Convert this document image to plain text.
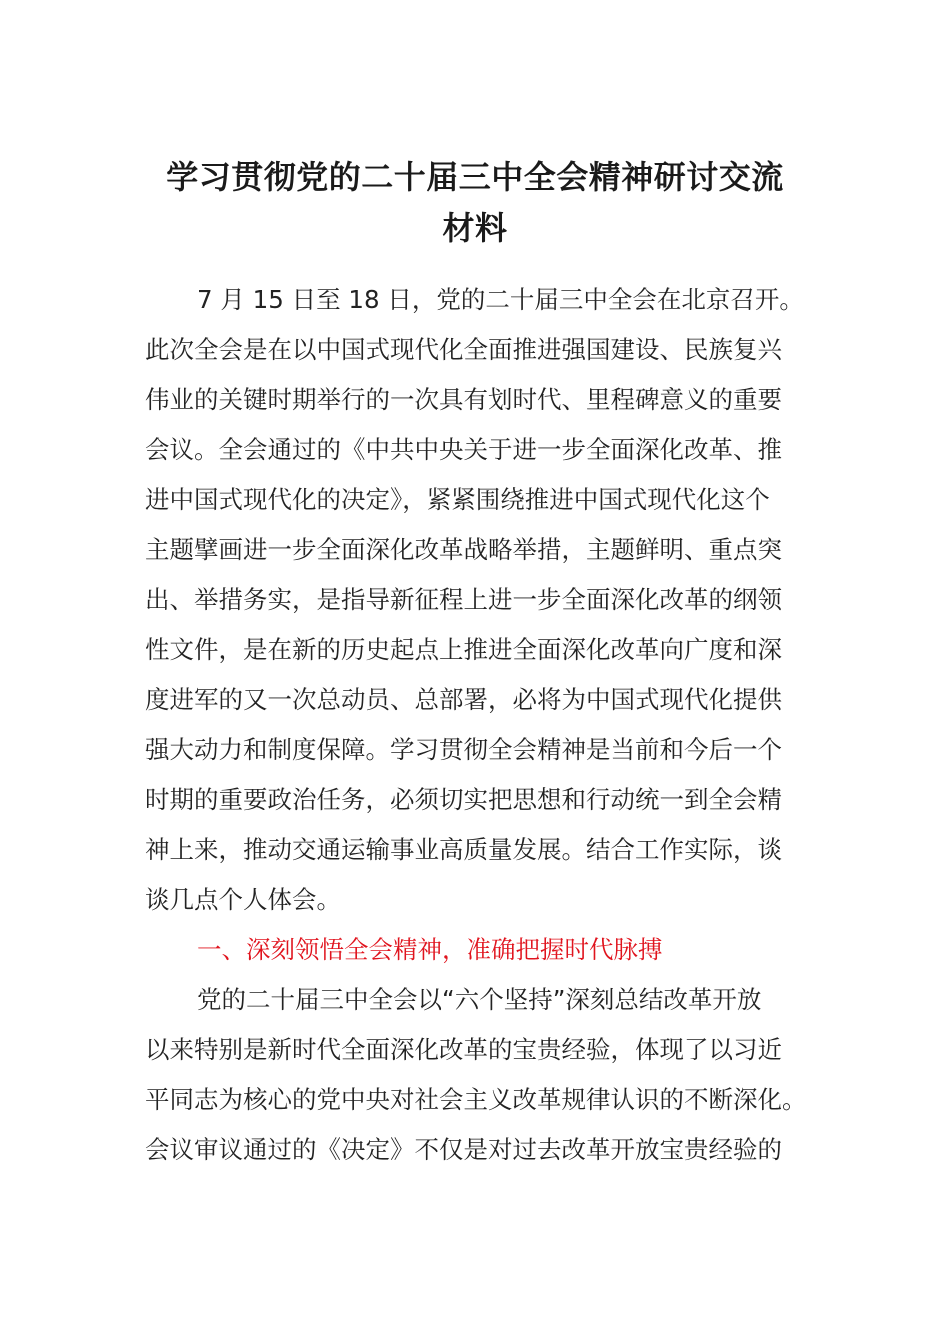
学习贯彻党的二十届三中全会精神研讨交流
材料
7 月 15 日至 18 日，党的二十届三中全会在北京召开。
此次全会是在以中国式现代化全面推进强国建设、民族复兴
伟业的关键时期举行的一次具有划时代、里程碑意义的重要
会议。全会通过的《中共中央关于进一步全面深化改革、推
进中国式现代化的决定》，紧紧围绕推进中国式现代化这个
主题擘画进一步全面深化改革战略举措，主题鲜明、重点突
出、举措务实，是指导新征程上进一步全面深化改革的纲领
性文件，是在新的历史起点上推进全面深化改革向广度和深
度进军的又一次总动员、总部署，必将为中国式现代化提供
强大动力和制度保障。学习贯彻全会精神是当前和今后一个
时期的重要政治任务，必须切实把思想和行动统一到全会精
神上来，推动交通运输事业高质量发展。结合工作实际，谈
谈几点个人体会。
一、深刻领悟全会精神，准确把握时代脉搏
党的二十届三中全会以“六个坚持”深刻总结改革开放
以来特别是新时代全面深化改革的宝贵经验，体现了以习近
平同志为核心的党中央对社会主义改革规律认识的不断深化。
会议审议通过的《决定》不仅是对过去改革开放宝贵经验的
